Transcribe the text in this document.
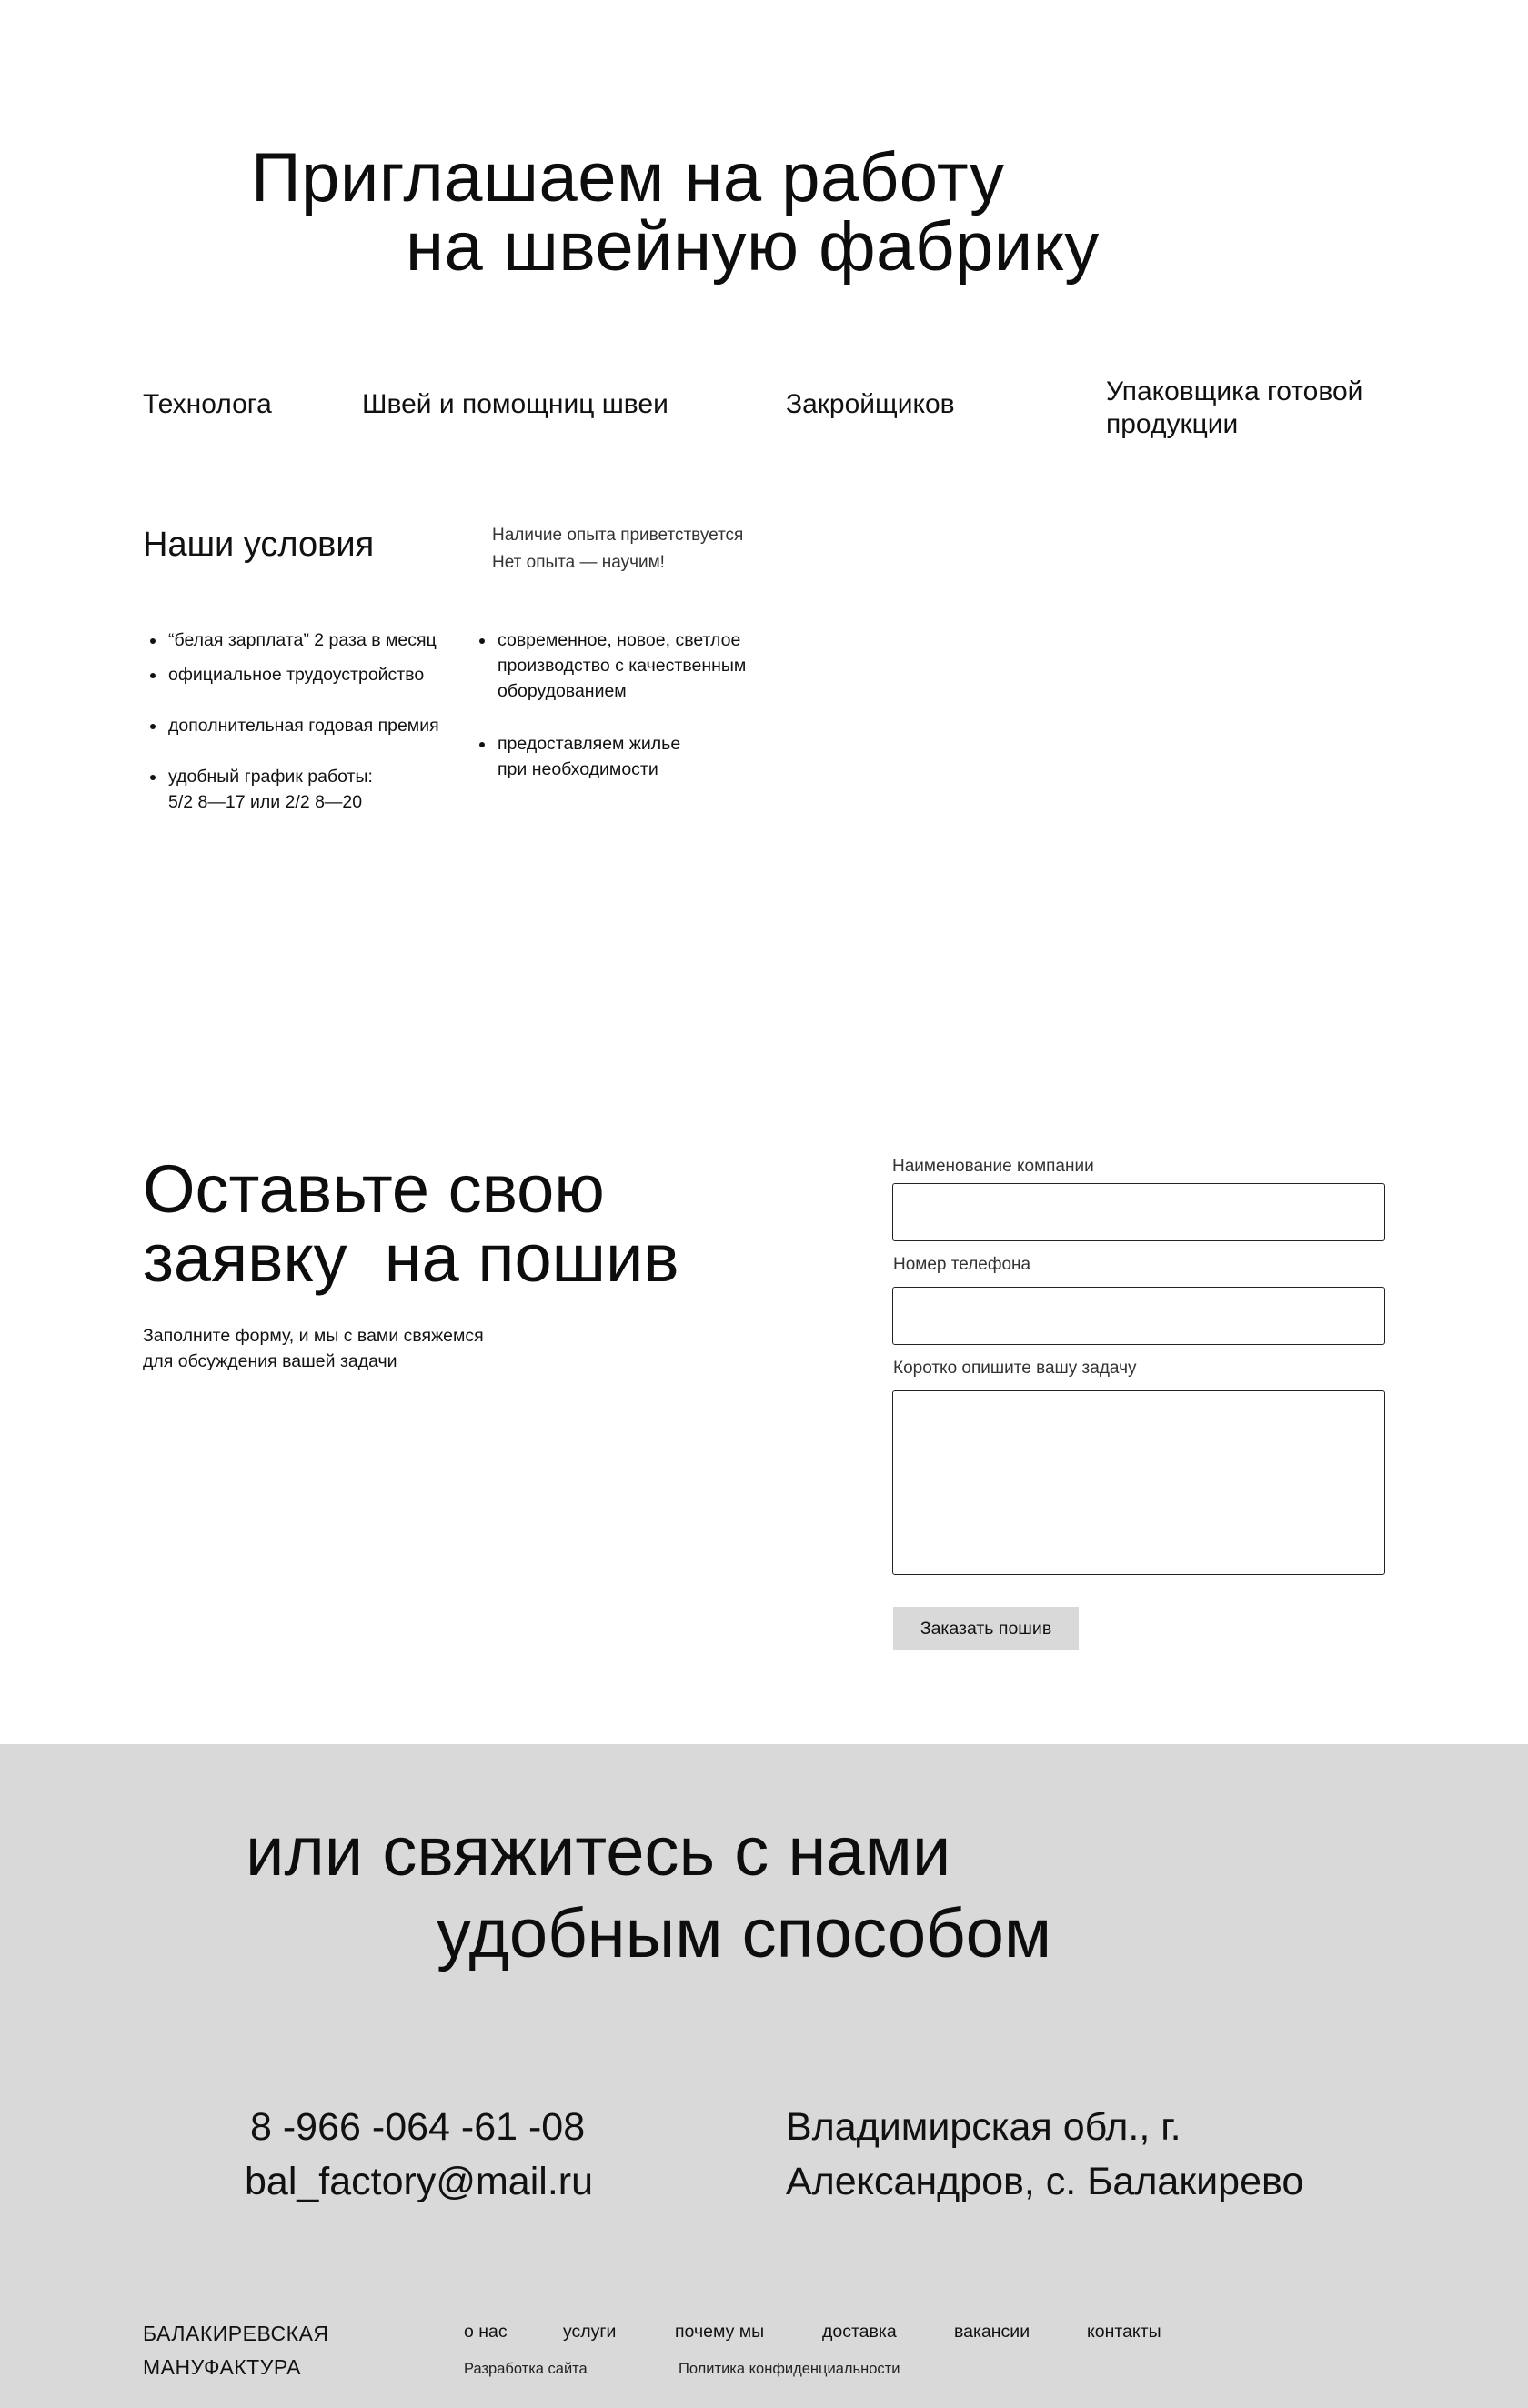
Приглашаем на работу
на швейную фабрику
Технолога	Швей и помощниц швеи	Закройщиков	Упаковщика готовой продукции
Наши условия	Наличие опыта приветствуется
Нет опыта — научим!
“белая зарплата” 2 раза в месяц
официальное трудоустройство
дополнительная годовая премия
удобный график работы:
5/2 8—17 или 2/2 8—20
современное, новое, светлое производство с качественным оборудованием
предоставляем жилье
при необходимости
Оставьте свою
заявку  на пошив
Заполните форму, и мы с вами свяжемся
для обсуждения вашей задачи
Наименование компании
Номер телефона
Коротко опишите вашу задачу
Заказать пошив
или свяжитесь с нами
удобным способом
8 -966 -064 -61 -08
bal_factory@mail.ru
Владимирская обл., г.
Александров, с. Балакирево
БАЛАКИРЕВСКАЯ
МАНУФАКТУРА
о нас	услуги	почему мы	доставка	вакансии	контакты
Разработка сайта	Политика конфиденциальности
